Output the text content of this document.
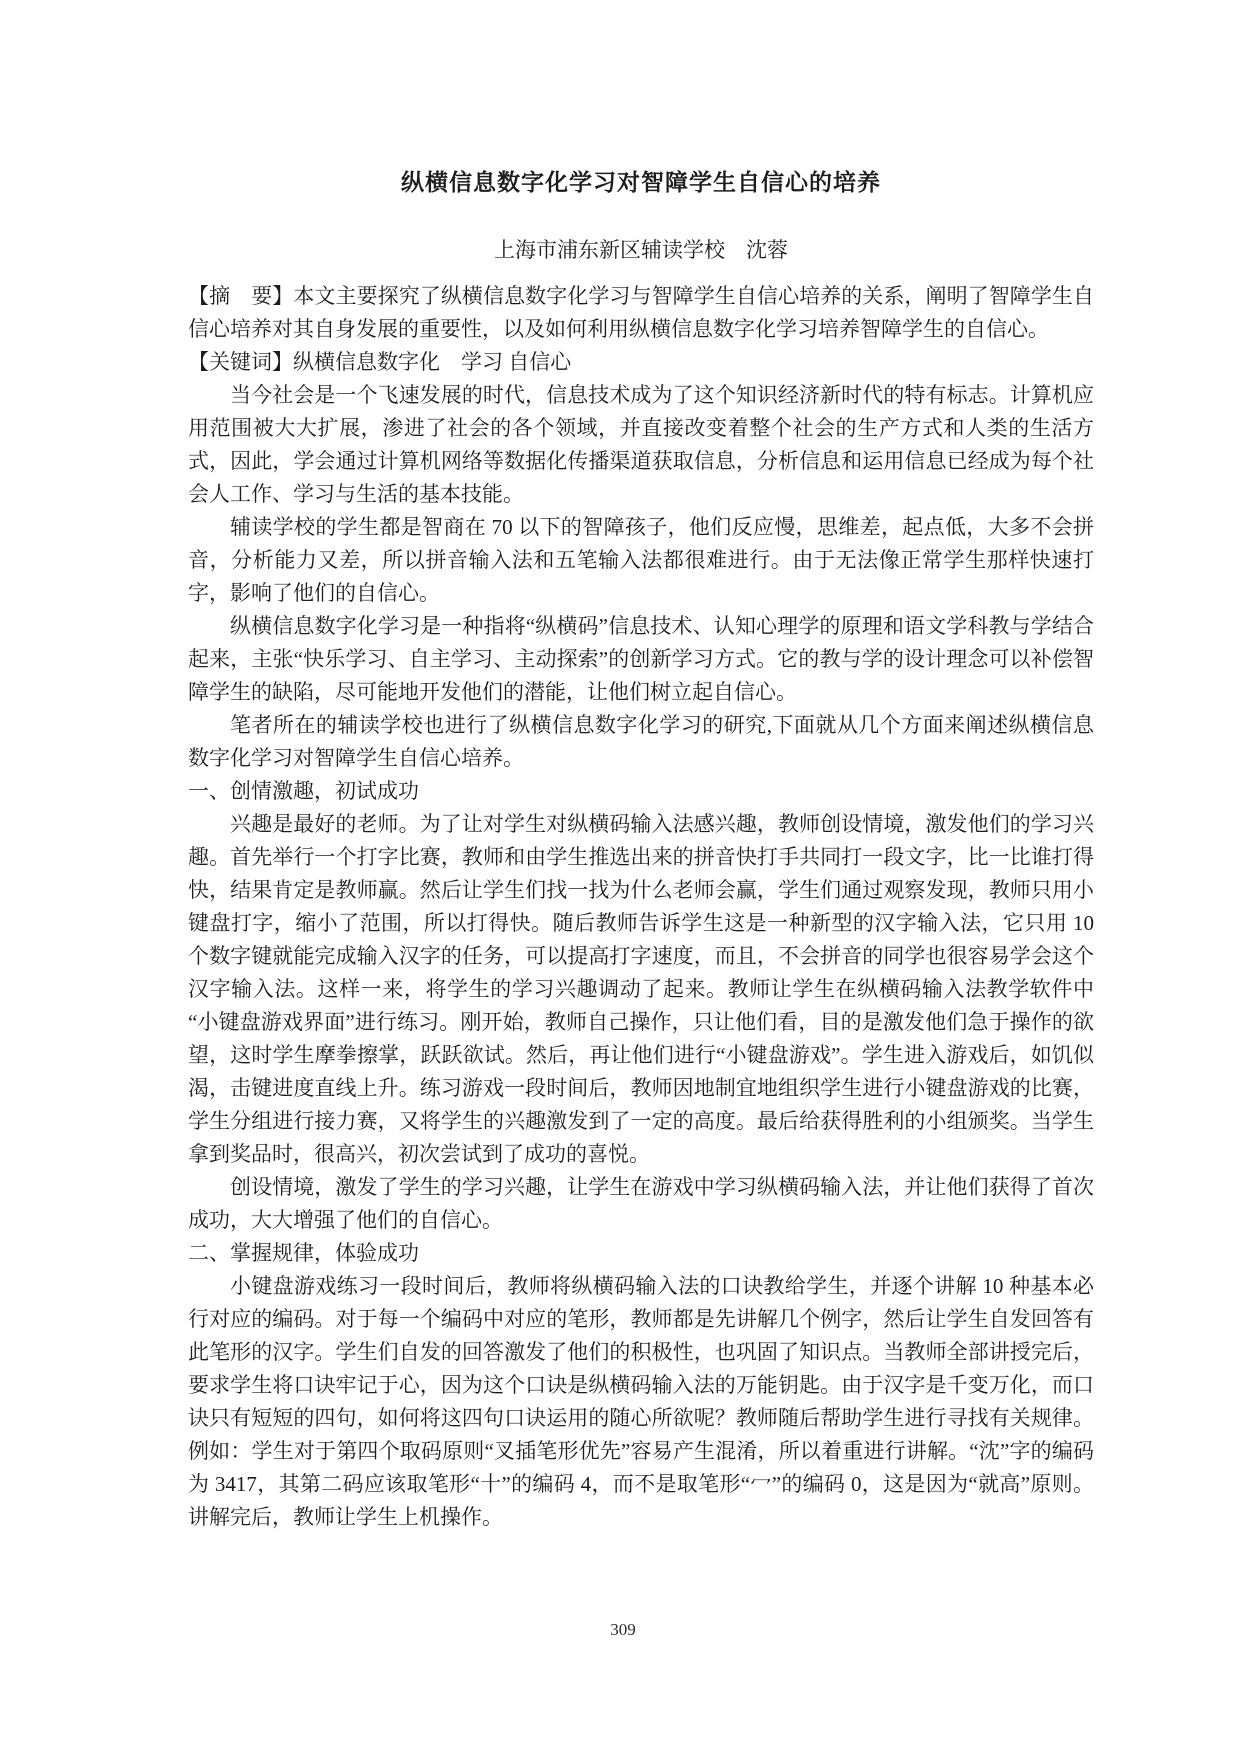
纵横信息数字化学习对智障学生自信心的培养
上海市浦东新区辅读学校　沈蓉

【摘　要】本文主要探究了纵横信息数字化学习与智障学生自信心培养的关系，阐明了智障学生自信心培养对其自身发展的重要性，以及如何利用纵横信息数字化学习培养智障学生的自信心。

【关键词】纵横信息数字化　学习 自信心

当今社会是一个飞速发展的时代，信息技术成为了这个知识经济新时代的特有标志。计算机应用范围被大大扩展，渗进了社会的各个领域，并直接改变着整个社会的生产方式和人类的生活方式，因此，学会通过计算机网络等数据化传播渠道获取信息，分析信息和运用信息已经成为每个社会人工作、学习与生活的基本技能。

辅读学校的学生都是智商在 70 以下的智障孩子，他们反应慢，思维差，起点低，大多不会拼音，分析能力又差，所以拼音输入法和五笔输入法都很难进行。由于无法像正常学生那样快速打字，影响了他们的自信心。

纵横信息数字化学习是一种指将“纵横码”信息技术、认知心理学的原理和语文学科教与学结合起来，主张“快乐学习、自主学习、主动探索”的创新学习方式。它的教与学的设计理念可以补偿智障学生的缺陷，尽可能地开发他们的潜能，让他们树立起自信心。

笔者所在的辅读学校也进行了纵横信息数字化学习的研究,下面就从几个方面来阐述纵横信息数字化学习对智障学生自信心培养。

一、创情激趣，初试成功

兴趣是最好的老师。为了让对学生对纵横码输入法感兴趣，教师创设情境，激发他们的学习兴趣。首先举行一个打字比赛，教师和由学生推选出来的拼音快打手共同打一段文字，比一比谁打得快，结果肯定是教师赢。然后让学生们找一找为什么老师会赢，学生们通过观察发现，教师只用小键盘打字，缩小了范围，所以打得快。随后教师告诉学生这是一种新型的汉字输入法，它只用 10 个数字键就能完成输入汉字的任务，可以提高打字速度，而且，不会拼音的同学也很容易学会这个汉字输入法。这样一来，将学生的学习兴趣调动了起来。教师让学生在纵横码输入法教学软件中“小键盘游戏界面”进行练习。刚开始，教师自己操作，只让他们看，目的是激发他们急于操作的欲望，这时学生摩拳擦掌，跃跃欲试。然后，再让他们进行“小键盘游戏”。学生进入游戏后，如饥似渴，击键进度直线上升。练习游戏一段时间后，教师因地制宜地组织学生进行小键盘游戏的比赛，学生分组进行接力赛，又将学生的兴趣激发到了一定的高度。最后给获得胜利的小组颁奖。当学生拿到奖品时，很高兴，初次尝试到了成功的喜悦。

创设情境，激发了学生的学习兴趣，让学生在游戏中学习纵横码输入法，并让他们获得了首次成功，大大增强了他们的自信心。

二、掌握规律，体验成功

小键盘游戏练习一段时间后，教师将纵横码输入法的口诀教给学生，并逐个讲解 10 种基本必行对应的编码。对于每一个编码中对应的笔形，教师都是先讲解几个例字，然后让学生自发回答有此笔形的汉字。学生们自发的回答激发了他们的积极性，也巩固了知识点。当教师全部讲授完后，要求学生将口诀牢记于心，因为这个口诀是纵横码输入法的万能钥匙。由于汉字是千变万化，而口诀只有短短的四句，如何将这四句口诀运用的随心所欲呢？教师随后帮助学生进行寻找有关规律。例如：学生对于第四个取码原则“叉插笔形优先”容易产生混淆，所以着重进行讲解。“沈”字的编码为 3417，其第二码应该取笔形“十”的编码 4，而不是取笔形“冖”的编码 0，这是因为“就高”原则。讲解完后，教师让学生上机操作。

309
